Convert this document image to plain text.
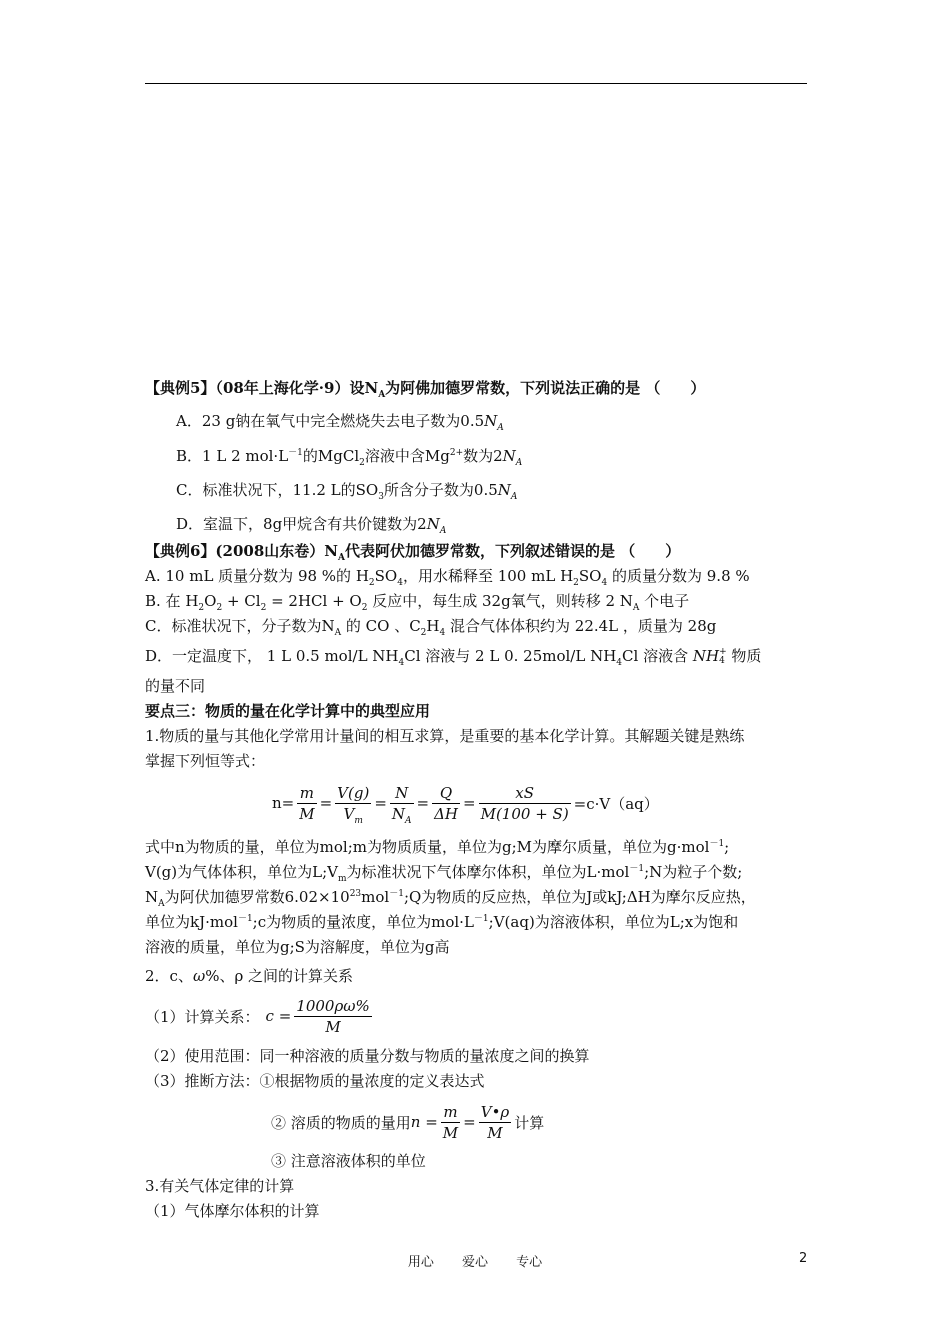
【典例5】（08年上海化学·9）设$N_A$为阿佛加德罗常数，下列说法正确的是 （　　）
A．23 g钠在氧气中完全燃烧失去电子数为$0.5N_A$
B．1 L 2 $mol\cdot L^{-1}$的MgCl$_2$溶液中含$Mg^{2+}$数为$2N_A$
C．标准状况下，11.2 L的$SO_3$所含分子数为$0.5N_A$
D．室温下，8g甲烷含有共价键数为$2N_A$
【典例6】(2008山东卷）$N_A$代表阿伏加德罗常数，下列叙述错误的是 （　　）
A. 10 mL 质量分数为 98 %的 $H_2SO_4$，用水稀释至 100 mL $H_2SO_4$ 的质量分数为 9.8 %
B. 在 $H_2O_2 + Cl_2 = 2HCl + O_2$ 反应中，每生成 32g氧气，则转移 2 $N_A$ 个电子
C．标准状况下，分子数为$N_A$ 的 CO 、$C_2H_4$ 混合气体体积约为 22.4L ，质量为 28g
D．一定温度下， 1 L 0.5 mol/L $NH_4Cl$ 溶液与 2 L 0. 25mol/L $NH_4Cl$ 溶液含 NH +
4 物质
的量不同
要点三：物质的量在化学计算中的典型应用
1.物质的量与其他化学常用计量间的相互求算，是重要的基本化学计算。其解题关键是熟练
掌握下列恒等式：
$n= \frac{m}{M} = \frac{V(g)}{V_m} = \frac{N}{N_A} = \frac{Q}{\Delta H} = \frac{xS}{M(100 + S)} =c\cdot V(aq)$
式中n为物质的量，单位为mol;m为物质质量，单位为g;M为摩尔质量，单位为g·mol$^{-1}$;
V(g)为气体体积，单位为$L;V_m$为标准状况下气体摩尔体积，单位为L·mol$^{-1}$;N为粒子个数;
$N_A$为阿伏加德罗常数$6.02\times 10^{23}mol^{-1};Q$为物质的反应热，单位为J或kJ;ΔH为摩尔反应热，
单位为kJ·mol$^{-1}$;c为物质的量浓度，单位为$mol\cdot L^{-1};V(aq)$为溶液体积，单位为L;x为饱和
溶液的质量，单位为g;S为溶解度，单位为g高
2．c、ω%、ρ 之间的计算关系
（1）计算关系： $c = \frac{1000\rho\omega\%}{M}$
（2）使用范围：同一种溶液的质量分数与物质的量浓度之间的换算
（3）推断方法：①根据物质的量浓度的定义表达式
② 溶质的物质的量用 $n = \frac{m}{M} = \frac{V•\rho}{M}$ 计算
③ 注意溶液体积的单位
3.有关气体定律的计算
（1）气体摩尔体积的计算
用心 爱心 专心	2
